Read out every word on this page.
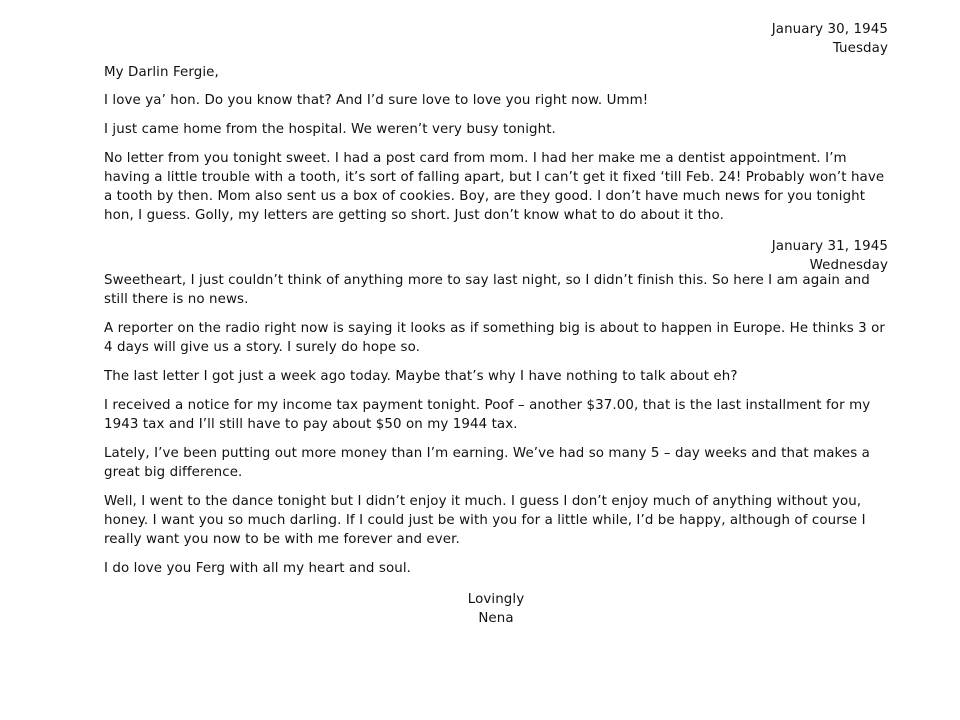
January 30, 1945
Tuesday

My Darlin Fergie,

I love ya’ hon. Do you know that? And I’d sure love to love you right now. Umm!

I just came home from the hospital. We weren’t very busy tonight.

No letter from you tonight sweet. I had a post card from mom. I had her make me a dentist appointment. I’m having a little trouble with a tooth, it’s sort of falling apart, but I can’t get it fixed ‘till Feb. 24! Probably won’t have a tooth by then. Mom also sent us a box of cookies. Boy, are they good. I don’t have much news for you tonight hon, I guess. Golly, my letters are getting so short. Just don’t know what to do about it tho.

January 31, 1945
Wednesday

Sweetheart, I just couldn’t think of anything more to say last night, so I didn’t finish this. So here I am again and still there is no news.

A reporter on the radio right now is saying it looks as if something big is about to happen in Europe. He thinks 3 or 4 days will give us a story. I surely do hope so.

The last letter I got just a week ago today. Maybe that’s why I have nothing to talk about eh?

I received a notice for my income tax payment tonight. Poof – another $37.00, that is the last installment for my 1943 tax and I’ll still have to pay about $50 on my 1944 tax.

Lately, I’ve been putting out more money than I’m earning. We’ve had so many 5 – day weeks and that makes a great big difference.

Well, I went to the dance tonight but I didn’t enjoy it much. I guess I don’t enjoy much of anything without you, honey. I want you so much darling. If I could just be with you for a little while, I’d be happy, although of course I really want you now to be with me forever and ever.

I do love you Ferg with all my heart and soul.

Lovingly
Nena
